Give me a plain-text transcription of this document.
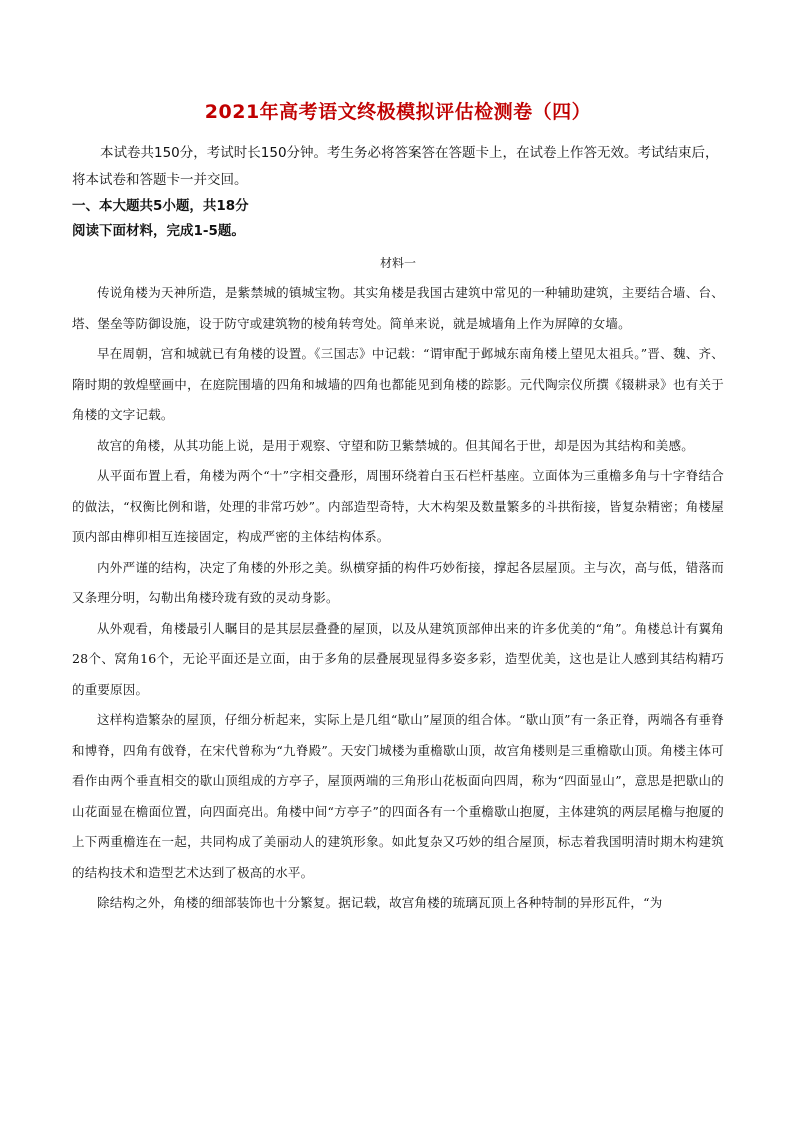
2021年高考语文终极模拟评估检测卷（四）

本试卷共150分，考试时长150分钟。考生务必将答案答在答题卡上，在试卷上作答无效。考试结束后，将本试卷和答题卡一并交回。

一、本大题共5小题，共18分

阅读下面材料，完成1-5题。

材料一

传说角楼为天神所造，是紫禁城的镇城宝物。其实角楼是我国古建筑中常见的一种辅助建筑，主要结合墙、台、塔、堡垒等防御设施，设于防守或建筑物的棱角转弯处。简单来说，就是城墙角上作为屏障的女墙。

早在周朝，宫和城就已有角楼的设置。《三国志》中记载：“谓审配于邺城东南角楼上望见太祖兵。”晋、魏、齐、隋时期的敦煌壁画中，在庭院围墙的四角和城墙的四角也都能见到角楼的踪影。元代陶宗仪所撰《辍耕录》也有关于角楼的文字记载。

故宫的角楼，从其功能上说，是用于观察、守望和防卫紫禁城的。但其闻名于世，却是因为其结构和美感。

从平面布置上看，角楼为两个“十”字相交叠形，周围环绕着白玉石栏杆基座。立面体为三重檐多角与十字脊结合的做法，“权衡比例和谐，处理的非常巧妙”。内部造型奇特，大木构架及数量繁多的斗拱衔接，皆复杂精密；角楼屋顶内部由榫卯相互连接固定，构成严密的主体结构体系。

内外严谨的结构，决定了角楼的外形之美。纵横穿插的构件巧妙衔接，撑起各层屋顶。主与次，高与低，错落而又条理分明，勾勒出角楼玲珑有致的灵动身影。

从外观看，角楼最引人瞩目的是其层层叠叠的屋顶，以及从建筑顶部伸出来的许多优美的“角”。角楼总计有翼角28个、窝角16个，无论平面还是立面，由于多角的层叠展现显得多姿多彩，造型优美，这也是让人感到其结构精巧的重要原因。

这样构造繁杂的屋顶，仔细分析起来，实际上是几组“歇山”屋顶的组合体。“歇山顶”有一条正脊，两端各有垂脊和博脊，四角有戗脊，在宋代曾称为“九脊殿”。天安门城楼为重檐歇山顶，故宫角楼则是三重檐歇山顶。角楼主体可看作由两个垂直相交的歇山顶组成的方亭子，屋顶两端的三角形山花板面向四周，称为“四面显山”，意思是把歇山的山花面显在檐面位置，向四面亮出。角楼中间“方亭子”的四面各有一个重檐歇山抱厦，主体建筑的两层尾檐与抱厦的上下两重檐连在一起，共同构成了美丽动人的建筑形象。如此复杂又巧妙的组合屋顶，标志着我国明清时期木构建筑的结构技术和造型艺术达到了极高的水平。

除结构之外，角楼的细部装饰也十分繁复。据记载，故宫角楼的琉璃瓦顶上各种特制的异形瓦件，“为
